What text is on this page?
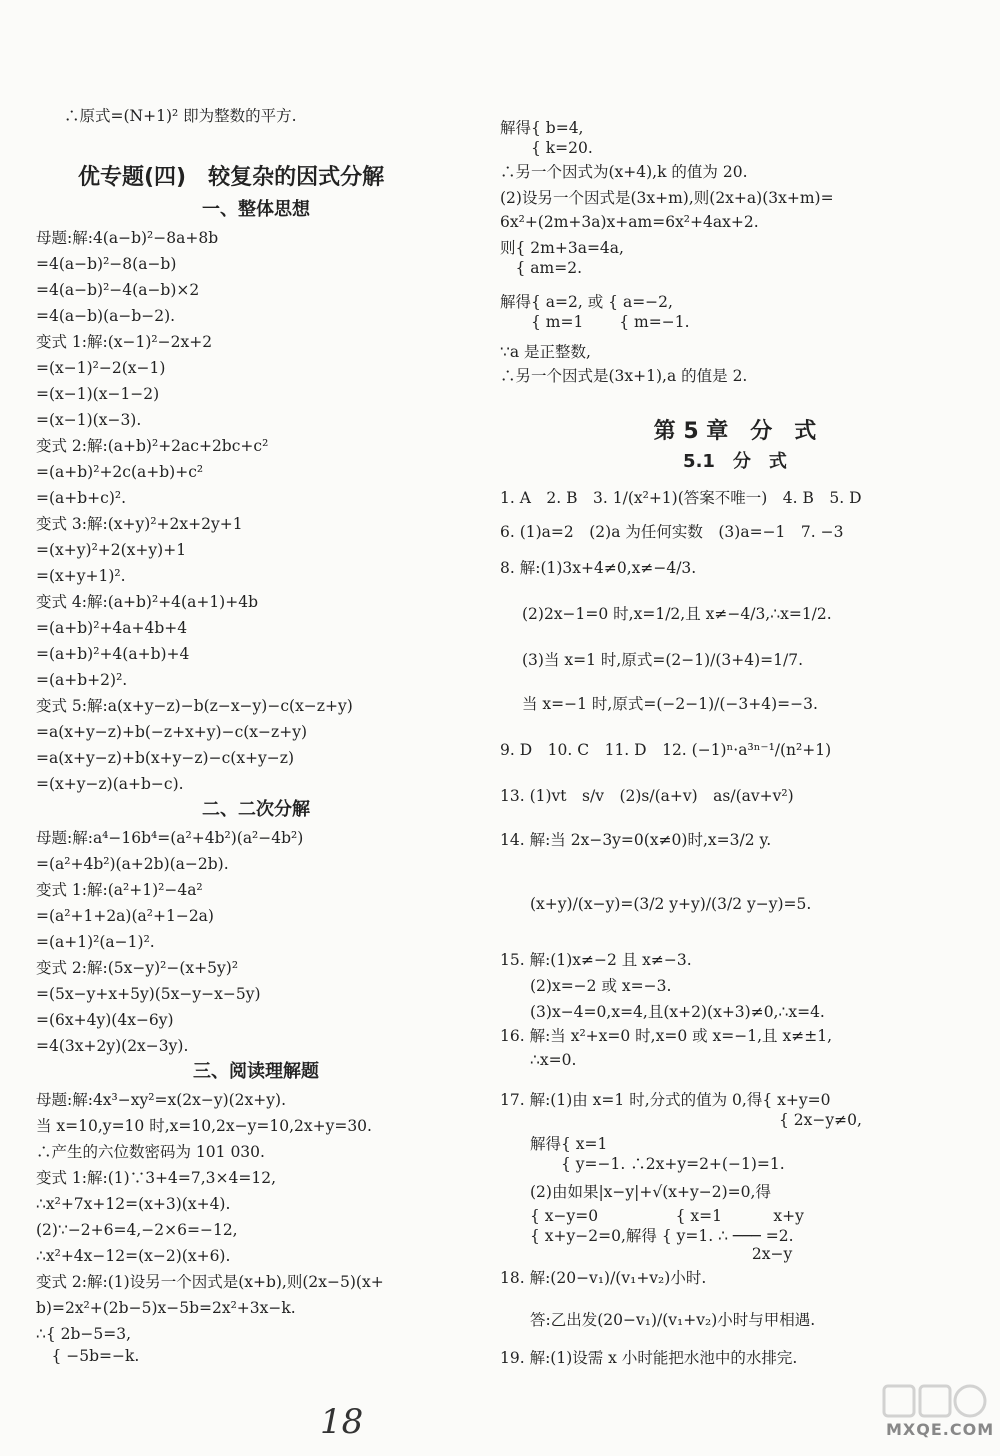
∴原式=(N+1)² 即为整数的平方.
优专题(四)　较复杂的因式分解
一、整体思想
母题:解:4(a−b)²−8a+8b
=4(a−b)²−8(a−b)
=4(a−b)²−4(a−b)×2
=4(a−b)(a−b−2).
变式 1:解:(x−1)²−2x+2
=(x−1)²−2(x−1)
=(x−1)(x−1−2)
=(x−1)(x−3).
变式 2:解:(a+b)²+2ac+2bc+c²
=(a+b)²+2c(a+b)+c²
=(a+b+c)².
变式 3:解:(x+y)²+2x+2y+1
=(x+y)²+2(x+y)+1
=(x+y+1)².
变式 4:解:(a+b)²+4(a+1)+4b
=(a+b)²+4a+4b+4
=(a+b)²+4(a+b)+4
=(a+b+2)².
变式 5:解:a(x+y−z)−b(z−x−y)−c(x−z+y)
=a(x+y−z)+b(−z+x+y)−c(x−z+y)
=a(x+y−z)+b(x+y−z)−c(x+y−z)
=(x+y−z)(a+b−c).
二、二次分解
母题:解:a⁴−16b⁴=(a²+4b²)(a²−4b²)
=(a²+4b²)(a+2b)(a−2b).
变式 1:解:(a²+1)²−4a²
=(a²+1+2a)(a²+1−2a)
=(a+1)²(a−1)².
变式 2:解:(5x−y)²−(x+5y)²
=(5x−y+x+5y)(5x−y−x−5y)
=(6x+4y)(4x−6y)
=4(3x+2y)(2x−3y).
三、阅读理解题
母题:解:4x³−xy²=x(2x−y)(2x+y).
当 x=10,y=10 时,x=10,2x−y=10,2x+y=30.
∴产生的六位数密码为 101 030.
变式 1:解:(1)∵3+4=7,3×4=12,
∴x²+7x+12=(x+3)(x+4).
(2)∵−2+6=4,−2×6=−12,
∴x²+4x−12=(x−2)(x+6).
变式 2:解:(1)设另一个因式是(x+b),则(2x−5)(x+
b)=2x²+(2b−5)x−5b=2x²+3x−k.
∴{ 2b−5=3,
　{ −5b=−k.
解得{ b=4,
　　{ k=20.
∴另一个因式为(x+4),k 的值为 20.
(2)设另一个因式是(3x+m),则(2x+a)(3x+m)=
6x²+(2m+3a)x+am=6x²+4ax+2.
则{ 2m+3a=4a,
　{ am=2.
解得{ a=2, 或 { a=−2,
　　{ m=1　　 { m=−1.
∵a 是正整数,
∴另一个因式是(3x+1),a 的值是 2.
第 5 章　分　式
5.1　分　式
1. A　2. B　3. 1/(x²+1)(答案不唯一)　4. B　5. D
6. (1)a=2　(2)a 为任何实数　(3)a=−1　7. −3
8. 解:(1)3x+4≠0,x≠−4/3.
(2)2x−1=0 时,x=1/2,且 x≠−4/3,∴x=1/2.
(3)当 x=1 时,原式=(2−1)/(3+4)=1/7.
当 x=−1 时,原式=(−2−1)/(−3+4)=−3.
9. D　10. C　11. D　12. (−1)ⁿ·a³ⁿ⁻¹/(n²+1)
13. (1)vt　s/v　(2)s/(a+v)　as/(av+v²)
14. 解:当 2x−3y=0(x≠0)时,x=3/2 y.
(x+y)/(x−y)=(3/2 y+y)/(3/2 y−y)=5.
15. 解:(1)x≠−2 且 x≠−3.
(2)x=−2 或 x=−3.
(3)x−4=0,x=4,且(x+2)(x+3)≠0,∴x=4.
16. 解:当 x²+x=0 时,x=0 或 x=−1,且 x≠±1,
∴x=0.
17. 解:(1)由 x=1 时,分式的值为 0,得{ x+y=0
　　　　　　　　　　　　　　　　　　{ 2x−y≠0,
解得{ x=1
　　{ y=−1. ∴2x+y=2+(−1)=1.
(2)由如果|x−y|+√(x+y−2)=0,得
{ x−y=0　　　　　{ x=1　　　 x+y
{ x+y−2=0,解得 { y=1. ∴ ─── =2.
　　　　　　　　　　　　　　 2x−y
18. 解:(20−v₁)/(v₁+v₂)小时.
答:乙出发(20−v₁)/(v₁+v₂)小时与甲相遇.
19. 解:(1)设需 x 小时能把水池中的水排完.
18	MXQE.COM
